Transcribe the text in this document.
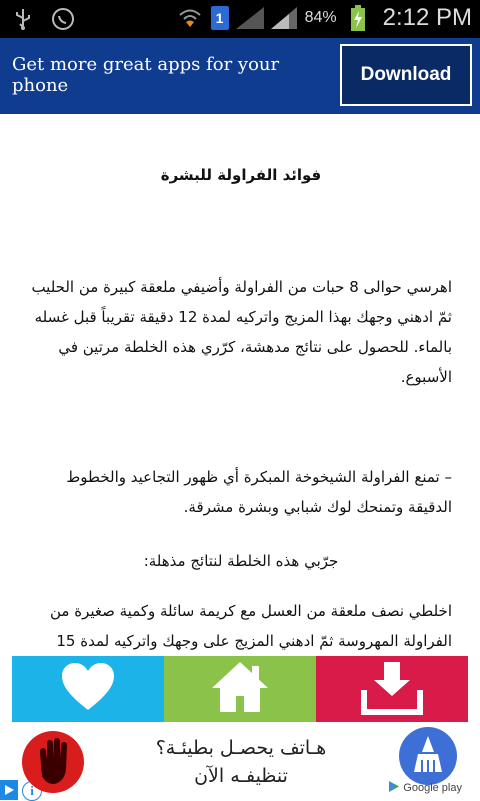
1	84% 2:12 PM
Get more great apps for your phone
Download
فوائد الفراولة للبشرة
اهرسي حوالى 8 حبات من الفراولة وأضيفي ملعقة كبيرة من الحليب ثمّ ادهني وجهك بهذا المزيج واتركيه لمدة 12 دقيقة تقريباً قبل غسله بالماء. للحصول على نتائج مدهشة، كرّري هذه الخلطة مرتين في الأسبوع.
– تمنع الفراولة الشيخوخة المبكرة أي ظهور التجاعيد والخطوط الدقيقة وتمنحك لوك شبابي وبشرة مشرقة.
جرّبي هذه الخلطة لنتائج مذهلة:
اخلطي نصف ملعقة من العسل مع كريمة سائلة وكمية صغيرة من الفراولة المهروسة ثمّ ادهني المزيج على وجهك واتركيه لمدة 15
i
هـاتف يحصـل بطيئـة؟
تنظيفـه الآن
Google play
